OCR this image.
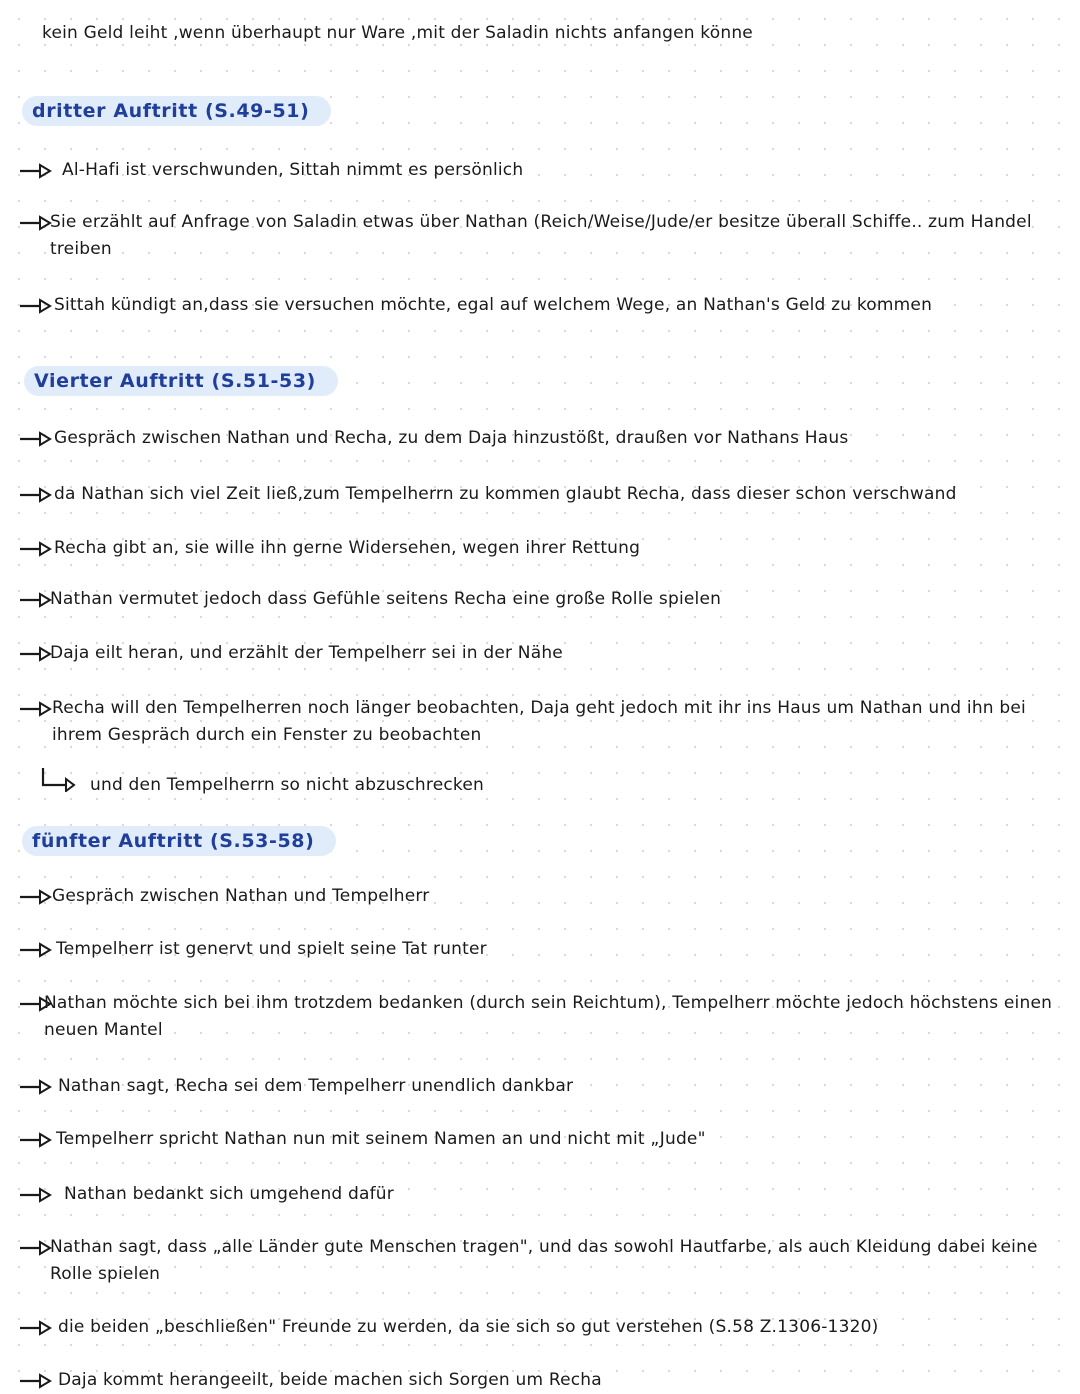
kein Geld leiht ,wenn überhaupt nur Ware ,mit der Saladin nichts anfangen könne
dritter Auftritt (S.49-51)
Al-Hafi ist verschwunden, Sittah nimmt es persönlich
Sie erzählt auf Anfrage von Saladin etwas über Nathan (Reich/Weise/Jude/er besitze überall Schiffe.. zum Handel treiben
Sittah kündigt an,dass sie versuchen möchte, egal auf welchem Wege, an Nathan's Geld zu kommen
Vierter Auftritt (S.51-53)
Gespräch zwischen Nathan und Recha, zu dem Daja hinzustößt, draußen vor Nathans Haus
da Nathan sich viel Zeit ließ,zum Tempelherrn zu kommen glaubt Recha, dass dieser schon verschwand
Recha gibt an, sie wille ihn gerne Widersehen, wegen ihrer Rettung
Nathan vermutet jedoch dass Gefühle seitens Recha eine große Rolle spielen
Daja eilt heran, und erzählt der Tempelherr sei in der Nähe
Recha will den Tempelherren noch länger beobachten, Daja geht jedoch mit ihr ins Haus um Nathan und ihn bei ihrem Gespräch durch ein Fenster zu beobachten
und den Tempelherrn so nicht abzuschrecken
fünfter Auftritt (S.53-58)
Gespräch zwischen Nathan und Tempelherr
Tempelherr ist genervt und spielt seine Tat runter
Nathan möchte sich bei ihm trotzdem bedanken (durch sein Reichtum), Tempelherr möchte jedoch höchstens einen neuen Mantel
Nathan sagt, Recha sei dem Tempelherr unendlich dankbar
Tempelherr spricht Nathan nun mit seinem Namen an und nicht mit „Jude"
Nathan bedankt sich umgehend dafür
Nathan sagt, dass „alle Länder gute Menschen tragen", und das sowohl Hautfarbe, als auch Kleidung dabei keine Rolle spielen
die beiden „beschließen" Freunde zu werden, da sie sich so gut verstehen (S.58 Z.1306-1320)
Daja kommt herangeeilt, beide machen sich Sorgen um Recha
